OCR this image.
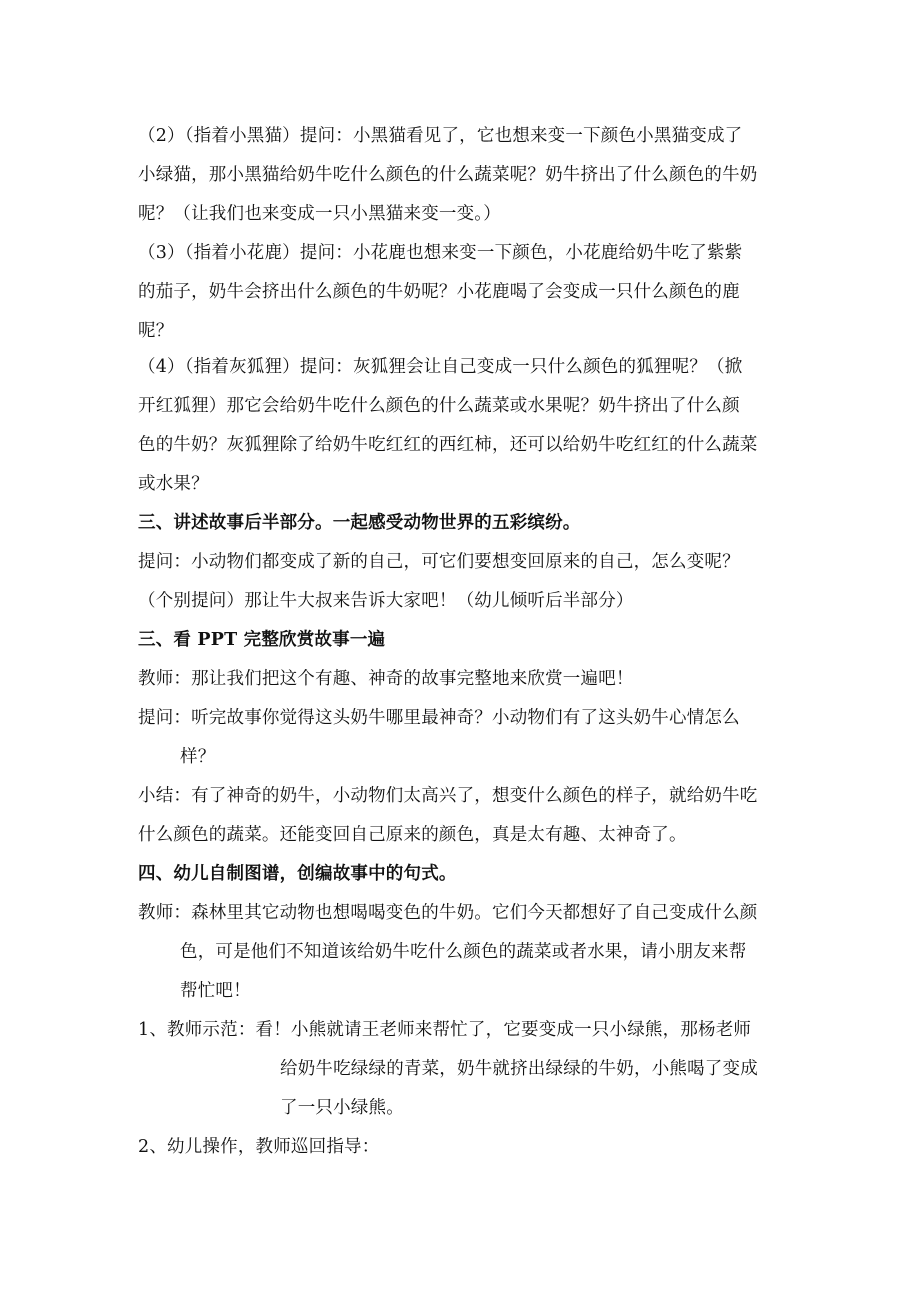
（2）（指着小黑猫）提问：小黑猫看见了，它也想来变一下颜色小黑猫变成了
小绿猫，那小黑猫给奶牛吃什么颜色的什么蔬菜呢？奶牛挤出了什么颜色的牛奶
呢？（让我们也来变成一只小黑猫来变一变。）
（3）（指着小花鹿）提问：小花鹿也想来变一下颜色，小花鹿给奶牛吃了紫紫
的茄子，奶牛会挤出什么颜色的牛奶呢？小花鹿喝了会变成一只什么颜色的鹿
呢？
（4）（指着灰狐狸）提问：灰狐狸会让自己变成一只什么颜色的狐狸呢？（掀
开红狐狸）那它会给奶牛吃什么颜色的什么蔬菜或水果呢？奶牛挤出了什么颜
色的牛奶？灰狐狸除了给奶牛吃红红的西红柿，还可以给奶牛吃红红的什么蔬菜
或水果？
三、讲述故事后半部分。一起感受动物世界的五彩缤纷。
提问：小动物们都变成了新的自己，可它们要想变回原来的自己，怎么变呢？
（个别提问）那让牛大叔来告诉大家吧！（幼儿倾听后半部分）
三、看 PPT 完整欣赏故事一遍
教师：那让我们把这个有趣、神奇的故事完整地来欣赏一遍吧！
提问：听完故事你觉得这头奶牛哪里最神奇？小动物们有了这头奶牛心情怎么
样？
小结：有了神奇的奶牛，小动物们太高兴了，想变什么颜色的样子，就给奶牛吃
什么颜色的蔬菜。还能变回自己原来的颜色，真是太有趣、太神奇了。
四、幼儿自制图谱，创编故事中的句式。
教师：森林里其它动物也想喝喝变色的牛奶。它们今天都想好了自己变成什么颜
色，可是他们不知道该给奶牛吃什么颜色的蔬菜或者水果，请小朋友来帮
帮忙吧！
1、教师示范：看！小熊就请王老师来帮忙了，它要变成一只小绿熊，那杨老师
给奶牛吃绿绿的青菜，奶牛就挤出绿绿的牛奶，小熊喝了变成
了一只小绿熊。
2、幼儿操作，教师巡回指导：
